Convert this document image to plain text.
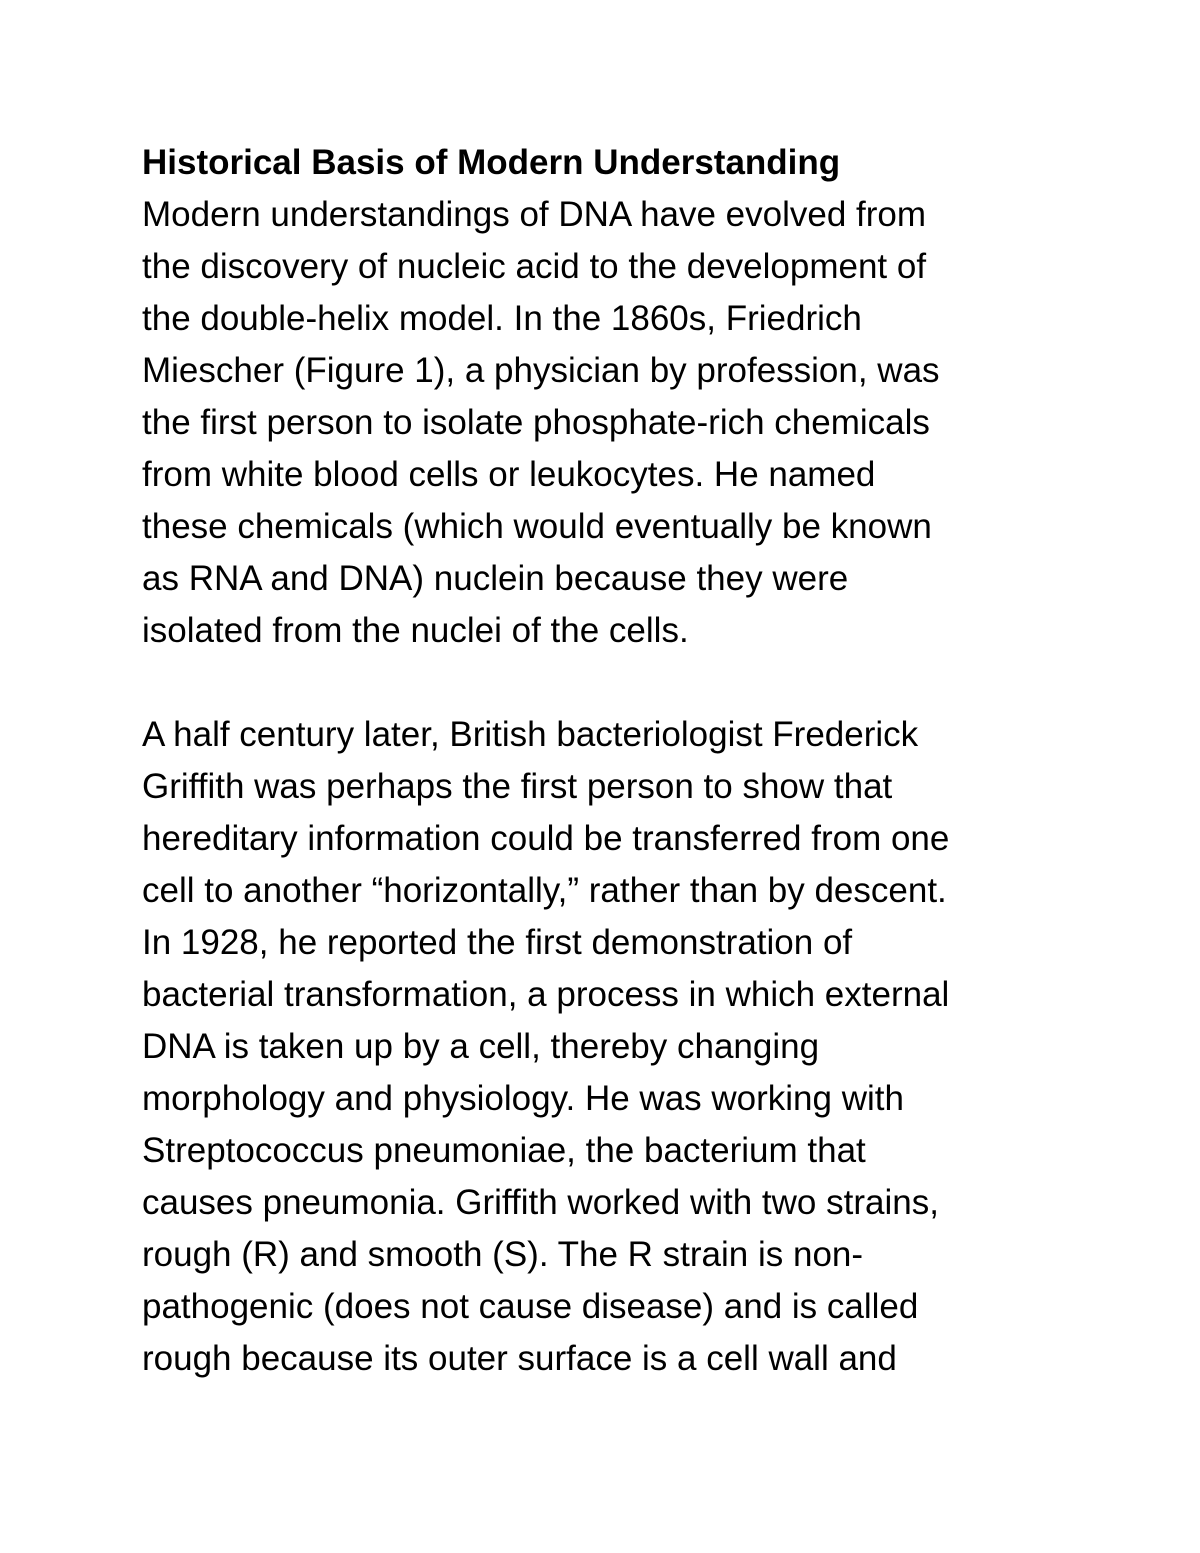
Historical Basis of Modern Understanding
Modern understandings of DNA have evolved from
the discovery of nucleic acid to the development of
the double-helix model. In the 1860s, Friedrich
Miescher (Figure 1), a physician by profession, was
the first person to isolate phosphate-rich chemicals
from white blood cells or leukocytes. He named
these chemicals (which would eventually be known
as RNA and DNA) nuclein because they were
isolated from the nuclei of the cells.
A half century later, British bacteriologist Frederick
Griffith was perhaps the first person to show that
hereditary information could be transferred from one
cell to another “horizontally,” rather than by descent.
In 1928, he reported the first demonstration of
bacterial transformation, a process in which external
DNA is taken up by a cell, thereby changing
morphology and physiology. He was working with
Streptococcus pneumoniae, the bacterium that
causes pneumonia. Griffith worked with two strains,
rough (R) and smooth (S). The R strain is non-
pathogenic (does not cause disease) and is called
rough because its outer surface is a cell wall and
